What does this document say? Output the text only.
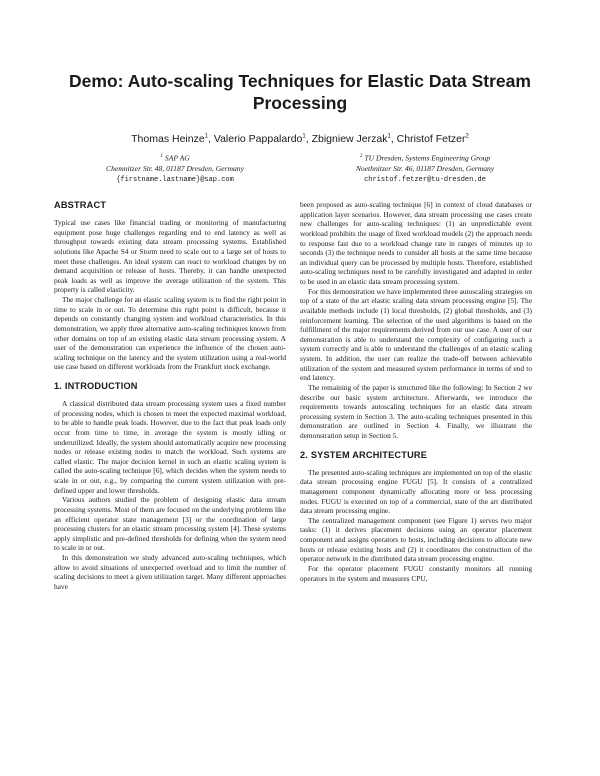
Demo: Auto-scaling Techniques for Elastic Data Stream Processing
Thomas Heinze$^1$, Valerio Pappalardo$^1$, Zbigniew Jerzak$^1$, Christof Fetzer$^2$
$^1$ SAP AG
Chemnitzer Str. 48, 01187 Dresden, Germany
{firstname.lastname}@sap.com
$^2$ TU Dresden, Systems Engineering Group
Noethnitzer Str. 46, 01187 Dresden, Germany
christof.fetzer@tu-dresden.de
ABSTRACT

Typical use cases like financial trading or monitoring of manufacturing equipment pose huge challenges regarding end to end latency as well as throughput towards existing data stream processing systems. Established solutions like Apache S4 or Storm need to scale out to a large set of hosts to meet these challenges. An ideal system can react to workload changes by on demand acquisition or release of hosts. Thereby, it can handle unexpected peak loads as well as improve the average utilization of the system. This property is called elasticity.

The major challenge for an elastic scaling system is to find the right point in time to scale in or out. To determine this right point is difficult, because it depends on constantly changing system and workload characteristics. In this demonstration, we apply three alternative auto-scaling techniques known from other domains on top of an existing elastic data stream processing system. A user of the demonstration can experience the influence of the chosen auto-scaling technique on the latency and the system utilization using a real-world use case based on different workloads from the Frankfurt stock exchange.

1. INTRODUCTION

A classical distributed data stream processing system uses a fixed number of processing nodes, which is chosen to meet the expected maximal workload, to be able to handle peak loads. However, due to the fact that peak loads only occur from time to time, in average the system is mostly idling or underutilized. Ideally, the system should automatically acquire new processing nodes or release existing nodes to match the workload. Such systems are called elastic. The major decision kernel in such an elastic scaling system is called the auto-scaling technique [6], which decides when the system needs to scale in or out, e.g., by comparing the current system utilization with pre-defined upper and lower thresholds.

Various authors studied the problem of designing elastic data stream processing systems. Most of them are focused on the underlying problems like an efficient operator state management [3] or the coordination of large processing clusters for an elastic stream processing system [4]. These systems apply simplistic and pre-defined thresholds for defining when the system need to scale in or out.

In this demonstration we study advanced auto-scaling techniques, which allow to avoid situations of unexpected overload and to limit the number of scaling decisions to meet a given utilization target. Many different approaches have

been proposed as auto-scaling technique [6] in context of cloud databases or application layer scenarios. However, data stream processing use cases create new challenges for auto-scaling techniques: (1) an unpredictable event workload prohibits the usage of fixed workload models (2) the approach needs to response fast due to a workload change rate in ranges of minutes up to seconds (3) the technique needs to consider all hosts at the same time because an individual query can be processed by multiple hosts. Therefore, established auto-scaling techniques need to be carefully investigated and adapted in order to be used in an elastic data stream processing system.

For this demonstration we have implemented three autoscaling strategies on top of a state of the art elastic scaling data stream processing engine [5]. The available methods include (1) local thresholds, (2) global thresholds, and (3) reinforcement learning. The selection of the used algorithms is based on the fulfillment of the major requirements derived from our use case. A user of our demonstration is able to understand the complexity of configuring such a system correctly and is able to understand the challenges of an elastic scaling system. In addition, the user can realize the trade-off between achievable utilization of the system and measured system performance in terms of end to end latency.

The remaining of the paper is structured like the following: In Section 2 we describe our basic system architecture. Afterwards, we introduce the requirements towards autoscaling techniques for an elastic data stream processing system in Section 3. The auto-scaling techniques presented in this demonstration are outlined in Section 4. Finally, we illustrate the demonstration setup in Section 5.

2. SYSTEM ARCHITECTURE

The presented auto-scaling techniques are implemented on top of the elastic data stream processing engine FUGU [5]. It consists of a centralized management component dynamically allocating more or less processing nodes. FUGU is executed on top of a commercial, state of the art distributed data stream processing engine.

The centralized management component (see Figure 1) serves two major tasks: (1) it derives placement decisions using an operator placement component and assigns operators to hosts, including decisions to allocate new hosts or release existing hosts and (2) it coordinates the construction of the operator network in the distributed data stream processing engine.

For the operator placement FUGU constantly monitors all running operators in the system and measures CPU,
